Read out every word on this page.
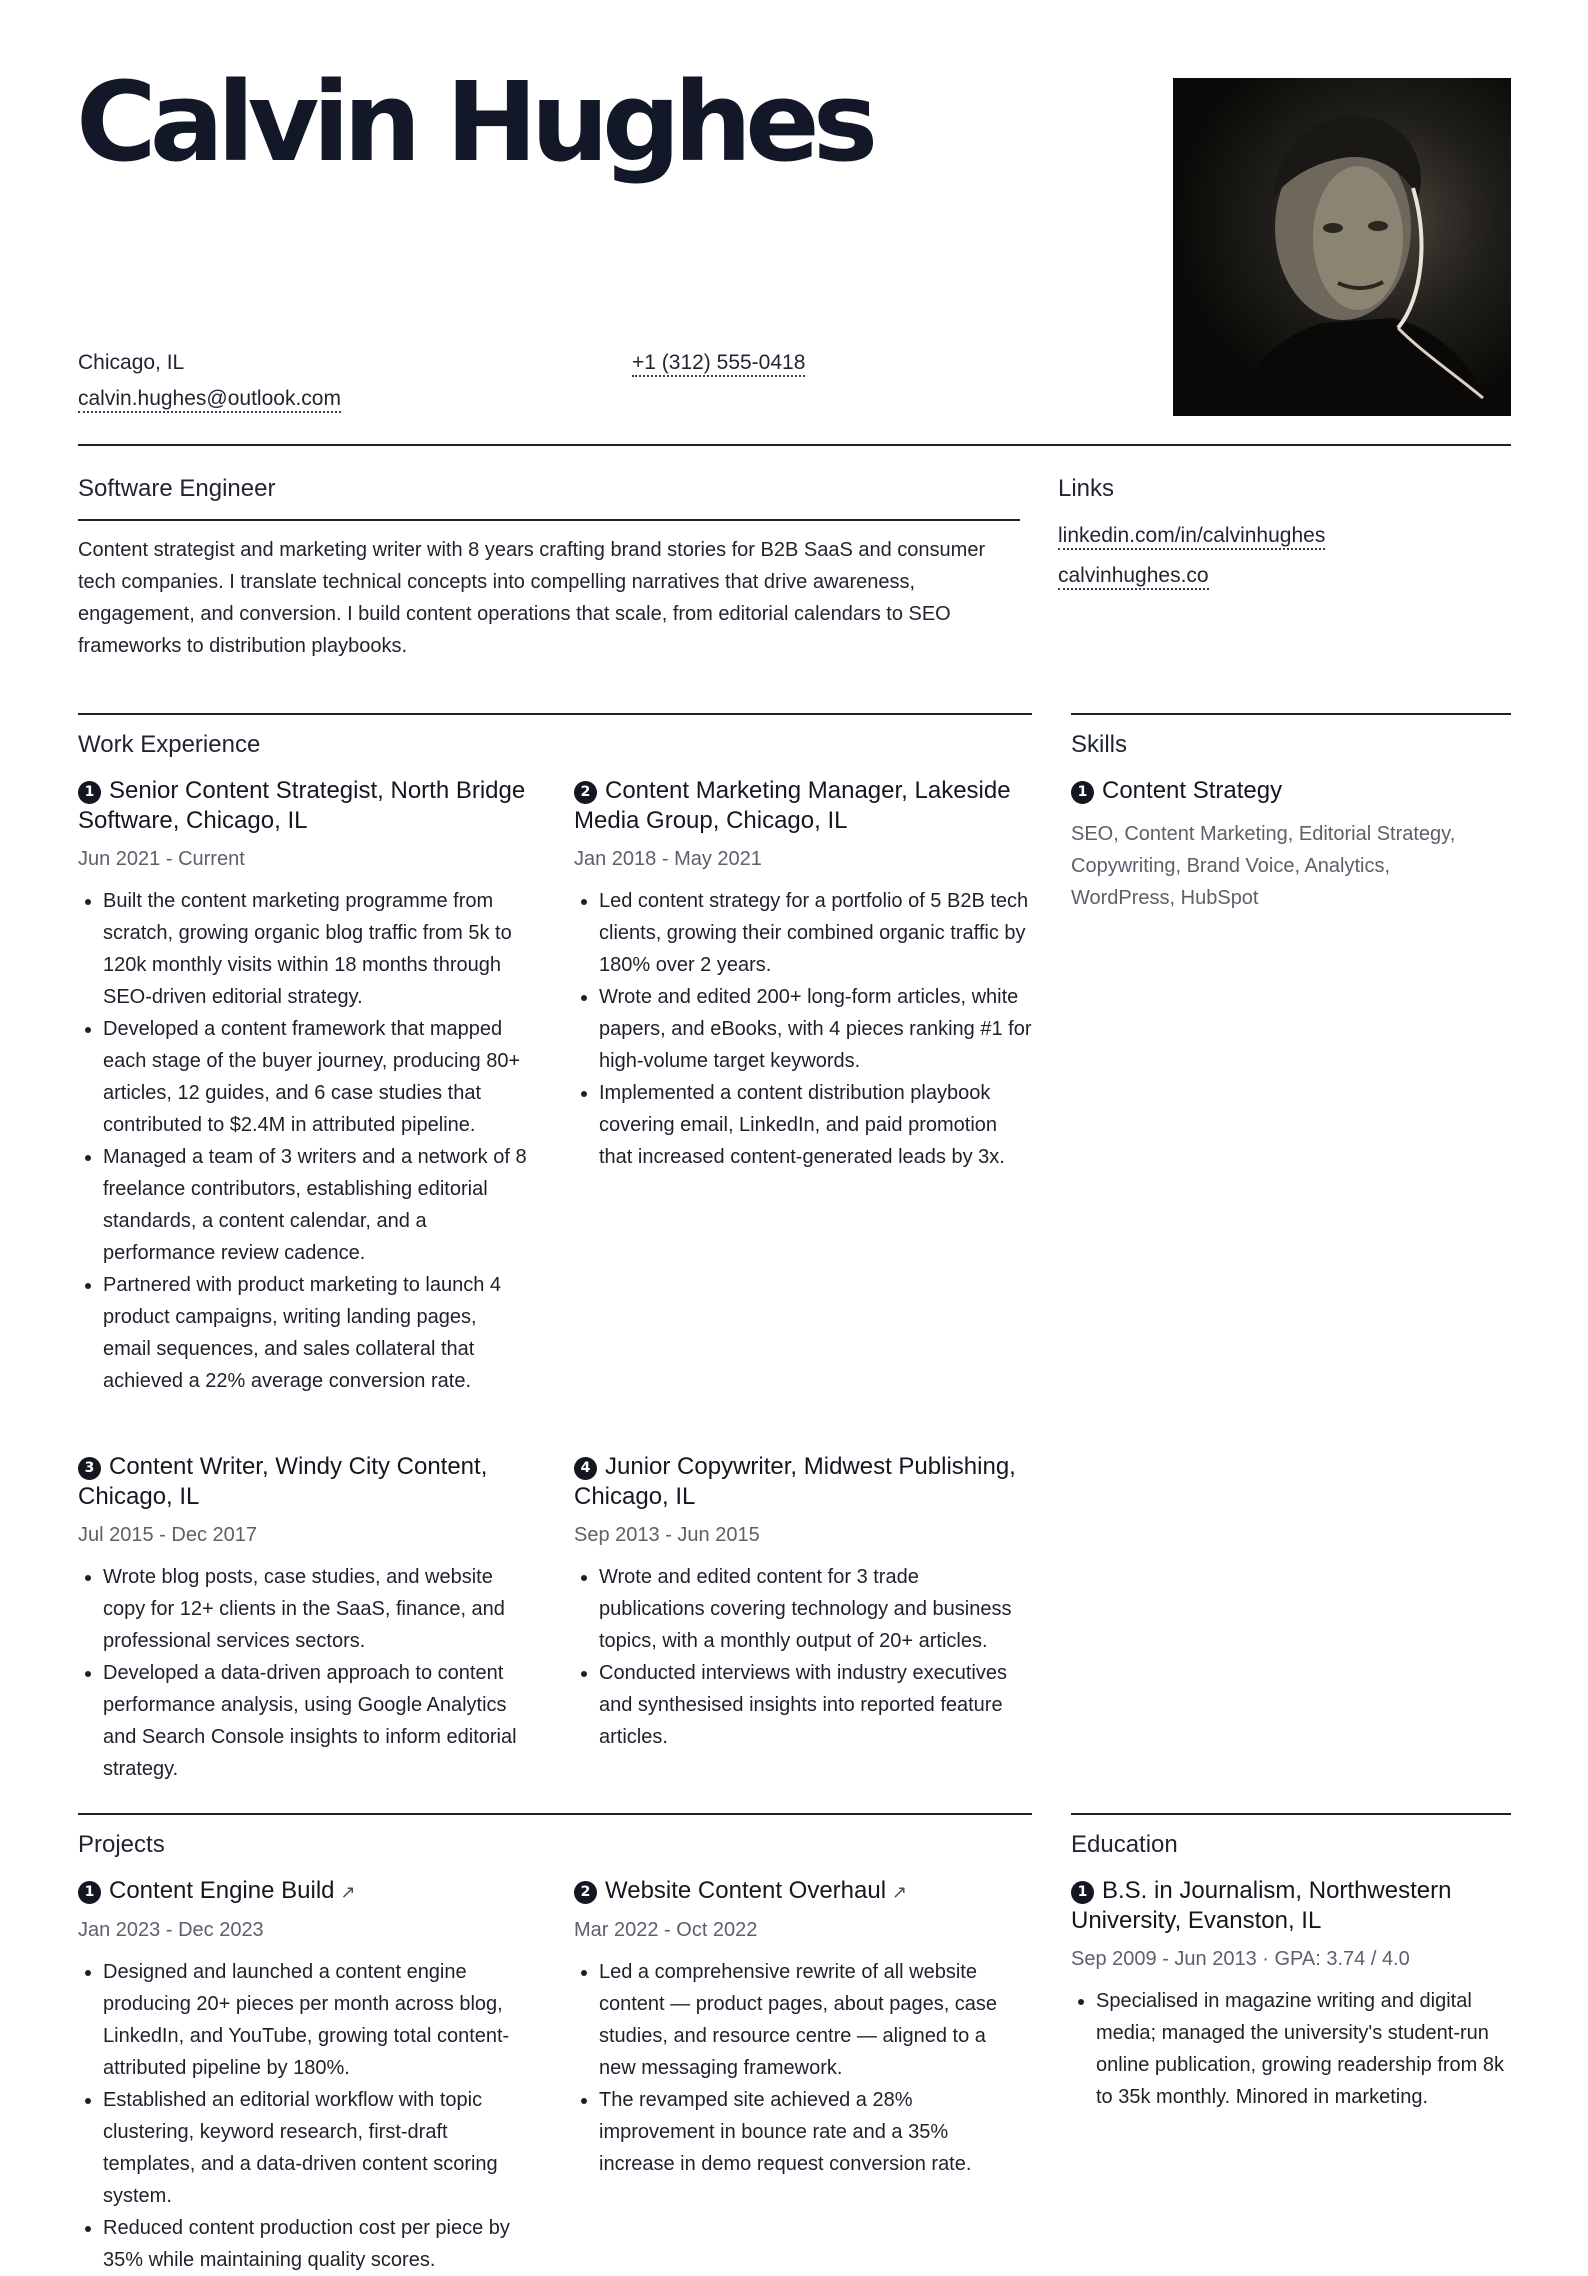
Calvin Hughes
Chicago, IL
calvin.hughes@outlook.com
+1 (312) 555-0418
Software Engineer
Content strategist and marketing writer with 8 years crafting brand stories for B2B SaaS and consumer tech companies. I translate technical concepts into compelling narratives that drive awareness, engagement, and conversion. I build content operations that scale, from editorial calendars to SEO frameworks to distribution playbooks.
Links
linkedin.com/in/calvinhughes
calvinhughes.co
Work Experience
1 Senior Content Strategist, North Bridge Software, Chicago, IL
Jun 2021 - Current
• Built the content marketing programme from scratch, growing organic blog traffic from 5k to 120k monthly visits within 18 months through SEO-driven editorial strategy.
• Developed a content framework that mapped each stage of the buyer journey, producing 80+ articles, 12 guides, and 6 case studies that contributed to $2.4M in attributed pipeline.
• Managed a team of 3 writers and a network of 8 freelance contributors, establishing editorial standards, a content calendar, and a performance review cadence.
• Partnered with product marketing to launch 4 product campaigns, writing landing pages, email sequences, and sales collateral that achieved a 22% average conversion rate.
2 Content Marketing Manager, Lakeside Media Group, Chicago, IL
Jan 2018 - May 2021
• Led content strategy for a portfolio of 5 B2B tech clients, growing their combined organic traffic by 180% over 2 years.
• Wrote and edited 200+ long-form articles, white papers, and eBooks, with 4 pieces ranking #1 for high-volume target keywords.
• Implemented a content distribution playbook covering email, LinkedIn, and paid promotion that increased content-generated leads by 3x.
3 Content Writer, Windy City Content, Chicago, IL
Jul 2015 - Dec 2017
• Wrote blog posts, case studies, and website copy for 12+ clients in the SaaS, finance, and professional services sectors.
• Developed a data-driven approach to content performance analysis, using Google Analytics and Search Console insights to inform editorial strategy.
4 Junior Copywriter, Midwest Publishing, Chicago, IL
Sep 2013 - Jun 2015
• Wrote and edited content for 3 trade publications covering technology and business topics, with a monthly output of 20+ articles.
• Conducted interviews with industry executives and synthesised insights into reported feature articles.
Skills
1 Content Strategy
SEO, Content Marketing, Editorial Strategy, Copywriting, Brand Voice, Analytics, WordPress, HubSpot
Projects
1 Content Engine Build ↗
Jan 2023 - Dec 2023
• Designed and launched a content engine producing 20+ pieces per month across blog, LinkedIn, and YouTube, growing total content-attributed pipeline by 180%.
• Established an editorial workflow with topic clustering, keyword research, first-draft templates, and a data-driven content scoring system.
• Reduced content production cost per piece by 35% while maintaining quality scores.
2 Website Content Overhaul ↗
Mar 2022 - Oct 2022
• Led a comprehensive rewrite of all website content — product pages, about pages, case studies, and resource centre — aligned to a new messaging framework.
• The revamped site achieved a 28% improvement in bounce rate and a 35% increase in demo request conversion rate.
Education
1 B.S. in Journalism, Northwestern University, Evanston, IL
Sep 2009 - Jun 2013 · GPA: 3.74 / 4.0
• Specialised in magazine writing and digital media; managed the university's student-run online publication, growing readership from 8k to 35k monthly. Minored in marketing.
